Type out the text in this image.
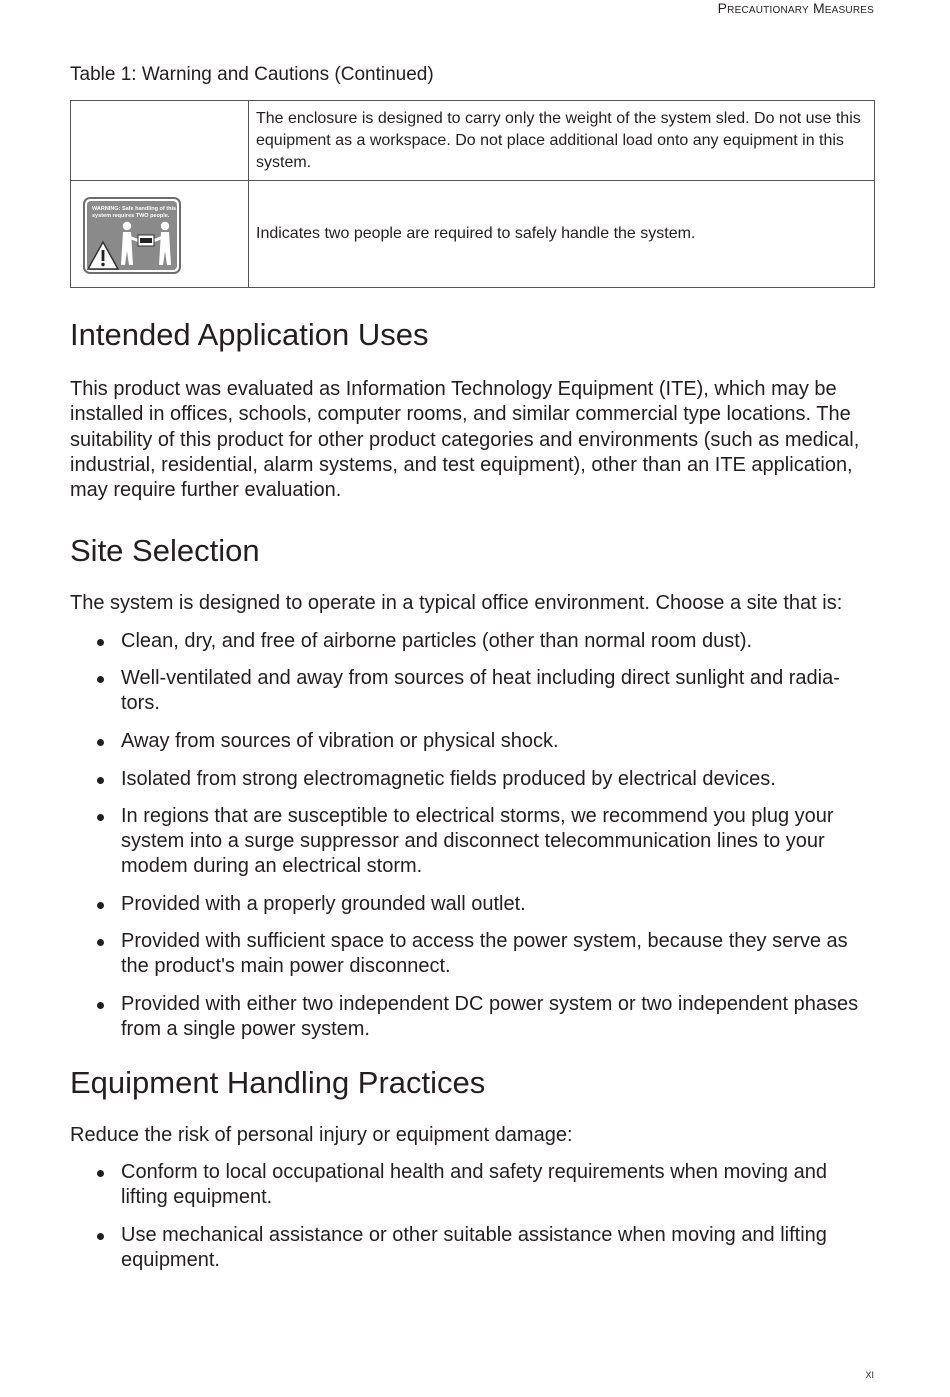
Precautionary Measures
Table 1: Warning and Cautions (Continued)
	The enclosure is designed to carry only the weight of the system sled. Do not use this equipment as a workspace. Do not place additional load onto any equipment in this system.

WARNING: Safe handling of this
system requires TWO people.	Indicates two people are required to safely handle the system.
Intended Application Uses

This product was evaluated as Information Technology Equipment (ITE), which may be installed in offices, schools, computer rooms, and similar commercial type locations. The suitability of this product for other product categories and environments (such as medical, industrial, residential, alarm systems, and test equipment), other than an ITE application, may require further evaluation.

Site Selection

The system is designed to operate in a typical office environment. Choose a site that is:

Clean, dry, and free of airborne particles (other than normal room dust).
Well-ventilated and away from sources of heat including direct sunlight and radia-tors.
Away from sources of vibration or physical shock.
Isolated from strong electromagnetic fields produced by electrical devices.
In regions that are susceptible to electrical storms, we recommend you plug your system into a surge suppressor and disconnect telecommunication lines to your modem during an electrical storm.
Provided with a properly grounded wall outlet.
Provided with sufficient space to access the power system, because they serve as the product's main power disconnect.
Provided with either two independent DC power system or two independent phases from a single power system.
Equipment Handling Practices

Reduce the risk of personal injury or equipment damage:

Conform to local occupational health and safety requirements when moving and lifting equipment.
Use mechanical assistance or other suitable assistance when moving and lifting equipment.
xi
